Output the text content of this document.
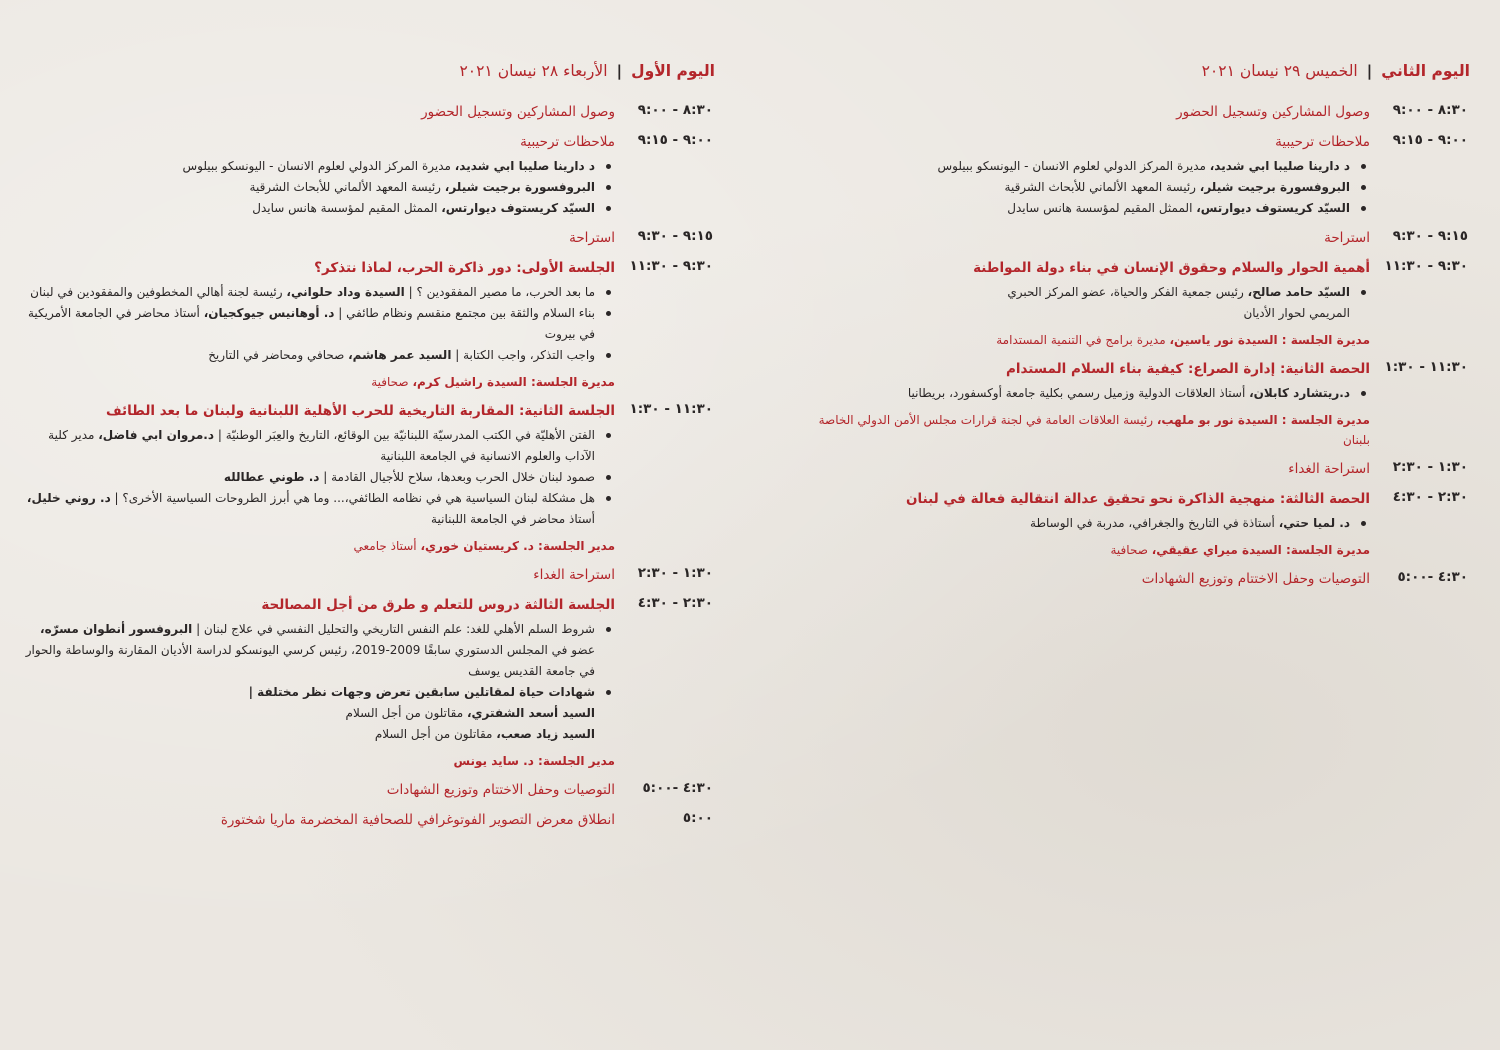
اليوم الثاني | الخميس ٢٩ نيسان ٢٠٢١
٨:٣٠ - ٩:٠٠
وصول المشاركين وتسجيل الحضور
٩:٠٠ - ٩:١٥
ملاحظات ترحيبية
د دارينا صليبا ابي شديد، مديرة المركز الدولي لعلوم الانسان - اليونسكو ببيلوس
البروفسورة برجيت شيلر، رئيسة المعهد الألماني للأبحاث الشرقية
السيّد كريستوف ديوارتس، الممثل المقيم لمؤسسة هانس سايدل
٩:١٥ - ٩:٣٠
استراحة
٩:٣٠ - ١١:٣٠
أهمية الحوار والسلام وحقوق الإنسان في بناء دولة المواطنة
السيّد حامد صالح، رئيس جمعية الفكر والحياة، عضو المركز الحبري المريمي لحوار الأديان
مديرة الجلسة : السيدة نور ياسين، مديرة برامج في التنمية المستدامة
١١:٣٠ - ١:٣٠
الحصة الثانية: إدارة الصراع: كيفية بناء السلام المستدام
د.ريتشارد كابلان، أستاذ العلاقات الدولية وزميل رسمي بكلية جامعة أوكسفورد، بريطانيا
مديرة الجلسة : السيدة نور بو ملهب، رئيسة العلاقات العامة في لجنة قرارات مجلس الأمن الدولي الخاصة بلبنان
١:٣٠ - ٢:٣٠
استراحة الغداء
٢:٣٠ - ٤:٣٠
الحصة الثالثة: منهجية الذاكرة نحو تحقيق عدالة انتقالية فعالة في لبنان
د. لميا حتي، أستاذة في التاريخ والجغرافي، مدربة في الوساطة
مديرة الجلسة: السيدة ميراي عقيقي، صحافية
٤:٣٠ -٥:٠٠
التوصيات وحفل الاختتام وتوزيع الشهادات
اليوم الأول | الأربعاء ٢٨ نيسان ٢٠٢١
٨:٣٠ - ٩:٠٠
وصول المشاركين وتسجيل الحضور
٩:٠٠ - ٩:١٥
ملاحظات ترحيبية
د دارينا صليبا ابي شديد، مديرة المركز الدولي لعلوم الانسان - اليونسكو ببيلوس
البروفسورة برجيت شيلر، رئيسة المعهد الألماني للأبحاث الشرقية
السيّد كريستوف ديوارتس، الممثل المقيم لمؤسسة هانس سايدل
٩:١٥ - ٩:٣٠
استراحة
٩:٣٠ - ١١:٣٠
الجلسة الأولى: دور ذاكرة الحرب، لماذا نتذكر؟
ما بعد الحرب، ما مصير المفقودين ؟ | السيدة وداد حلواني، رئيسة لجنة أهالي المخطوفين والمفقودين في لبنان
بناء السلام والثقة بين مجتمع منقسم ونظام طائفي | د. أوهانيس جيوكجيان، أستاذ محاضر في الجامعة الأمريكية في بيروت
واجب التذكر، واجب الكتابة | السيد عمر هاشم، صحافي ومحاضر في التاريخ
مديرة الجلسة: السيدة راشيل كرم، صحافية
١١:٣٠ - ١:٣٠
الجلسة الثانية: المقاربة التاريخية للحرب الأهلية اللبنانية ولبنان ما بعد الطائف
الفتن الأهليّة في الكتب المدرسيّة اللبنانيّة بين الوقائع، التاريخ والعِبَر الوطنيّة | د.مروان ابي فاضل، مدير كلية الآداب والعلوم الانسانية في الجامعة اللبنانية
صمود لبنان خلال الحرب وبعدها، سلاح للأجيال القادمة | د. طوني عطالله
هل مشكلة لبنان السياسية هي في نظامه الطائفي،... وما هي أبرز الطروحات السياسية الأخرى؟ | د. روني خليل، أستاذ محاضر في الجامعة اللبنانية
مدير الجلسة: د. كريستيان خوري، أستاذ جامعي
١:٣٠ - ٢:٣٠
استراحة الغداء
٢:٣٠ - ٤:٣٠
الجلسة الثالثة دروس للتعلم و طرق من أجل المصالحة
شروط السلم الأهلي للغد: علم النفس التاريخي والتحليل النفسي في علاج لبنان | البروفسور أنطوان مسرّه، عضو في المجلس الدستوري سابقًا 2009-2019، رئيس كرسي اليونسكو لدراسة الأديان المقارنة والوساطة والحوار في جامعة القديس يوسف
شهادات حياة لمقاتلين سابقين تعرض وجهات نظر مختلفة |
السيد أسعد الشفتري، مقاتلون من أجل السلام
السيد زياد صعب، مقاتلون من أجل السلام
مدير الجلسة: د. سايد يونس
٤:٣٠ -٥:٠٠
التوصيات وحفل الاختتام وتوزيع الشهادات
٥:٠٠
انطلاق معرض التصوير الفوتوغرافي للصحافية المخضرمة ماريا شختورة
